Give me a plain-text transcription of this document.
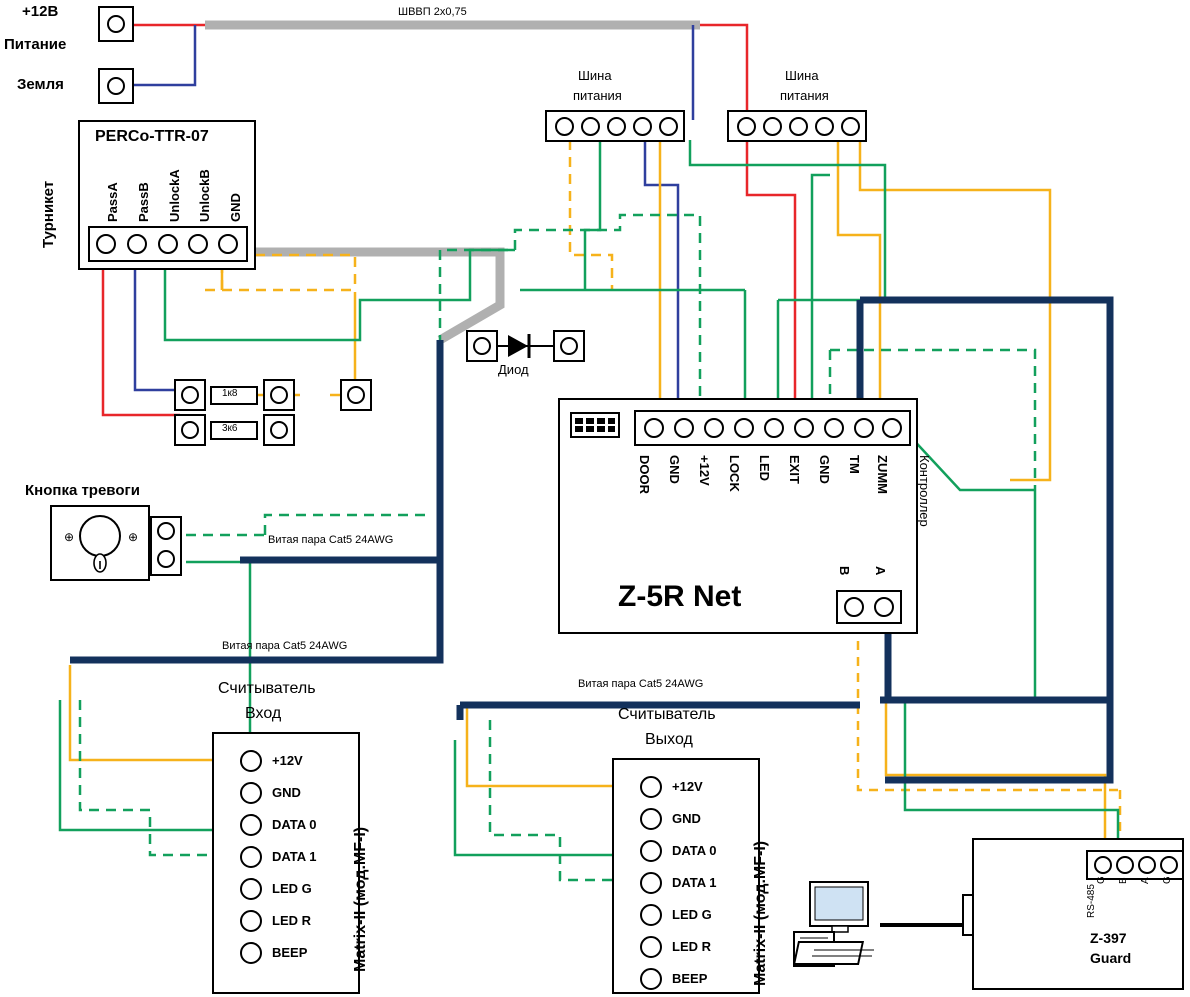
+12В
Питание
Земля
ШВВП 2х0,75
Шина
питания
Шина
питания
Турникет
PERCo-TTR-07
PassA PassB UnlockA UnlockB GND
1к8
3к6
Диод
Кнопка тревоги
⊕	⊕	Витая пара Cat5 24AWG
Z-5R Net
Контроллер
DOOR GND +12V LOCK LED EXIT GND TM ZUMM
B A
Витая пара Cat5 24AWG
Витая пара Cat5 24AWG
Считыватель
Вход
Matrix-II (мод.MF-I)
+12V
GND
DATA 0
DATA 1
LED G
LED R
BEEP
Считыватель
Выход
Matrix-II (мод.MF-I)
+12V
GND
DATA 0
DATA 1
LED G
LED R
BEEP
Z-397
Guard
G B A G
RS-485
